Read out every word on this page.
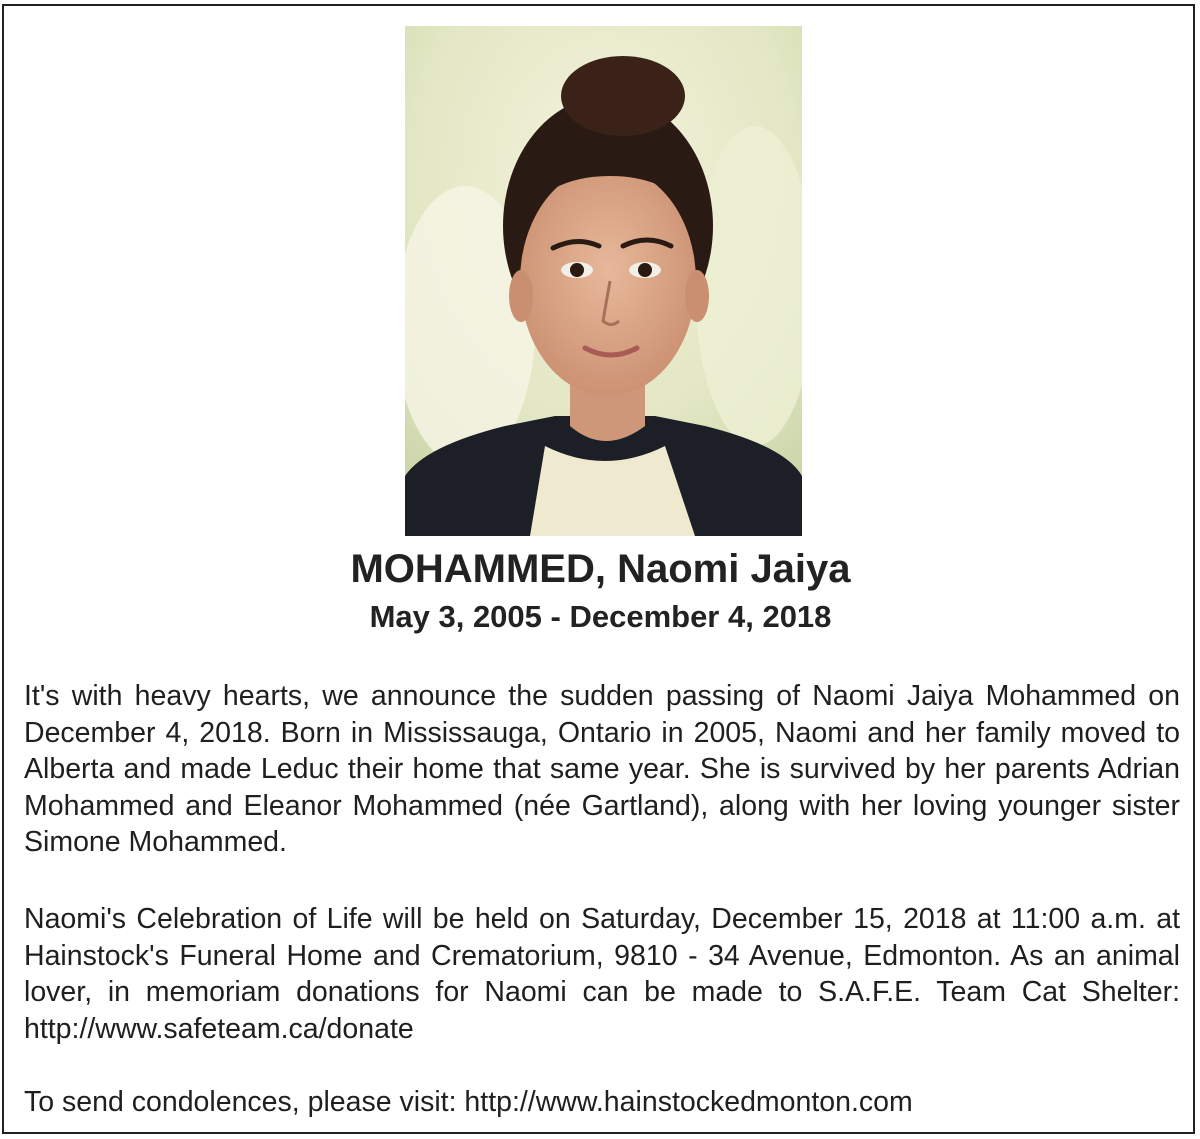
MOHAMMED, Naomi Jaiya
May 3, 2005 - December 4, 2018

It's with heavy hearts, we announce the sudden passing of Naomi Jaiya Mohammed on December 4, 2018. Born in Mississauga, Ontario in 2005, Naomi and her family moved to Alberta and made Leduc their home that same year. She is survived by her parents Adrian Mohammed and Eleanor Mohammed (née Gartland), along with her loving younger sister Simone Mohammed.

Naomi's Celebration of Life will be held on Saturday, December 15, 2018 at 11:00 a.m. at Hainstock's Funeral Home and Crematorium, 9810 - 34 Avenue, Edmonton. As an animal lover, in memoriam donations for Naomi can be made to S.A.F.E. Team Cat Shelter: http://www.safeteam.ca/donate

To send condolences, please visit: http://www.hainstockedmonton.com
